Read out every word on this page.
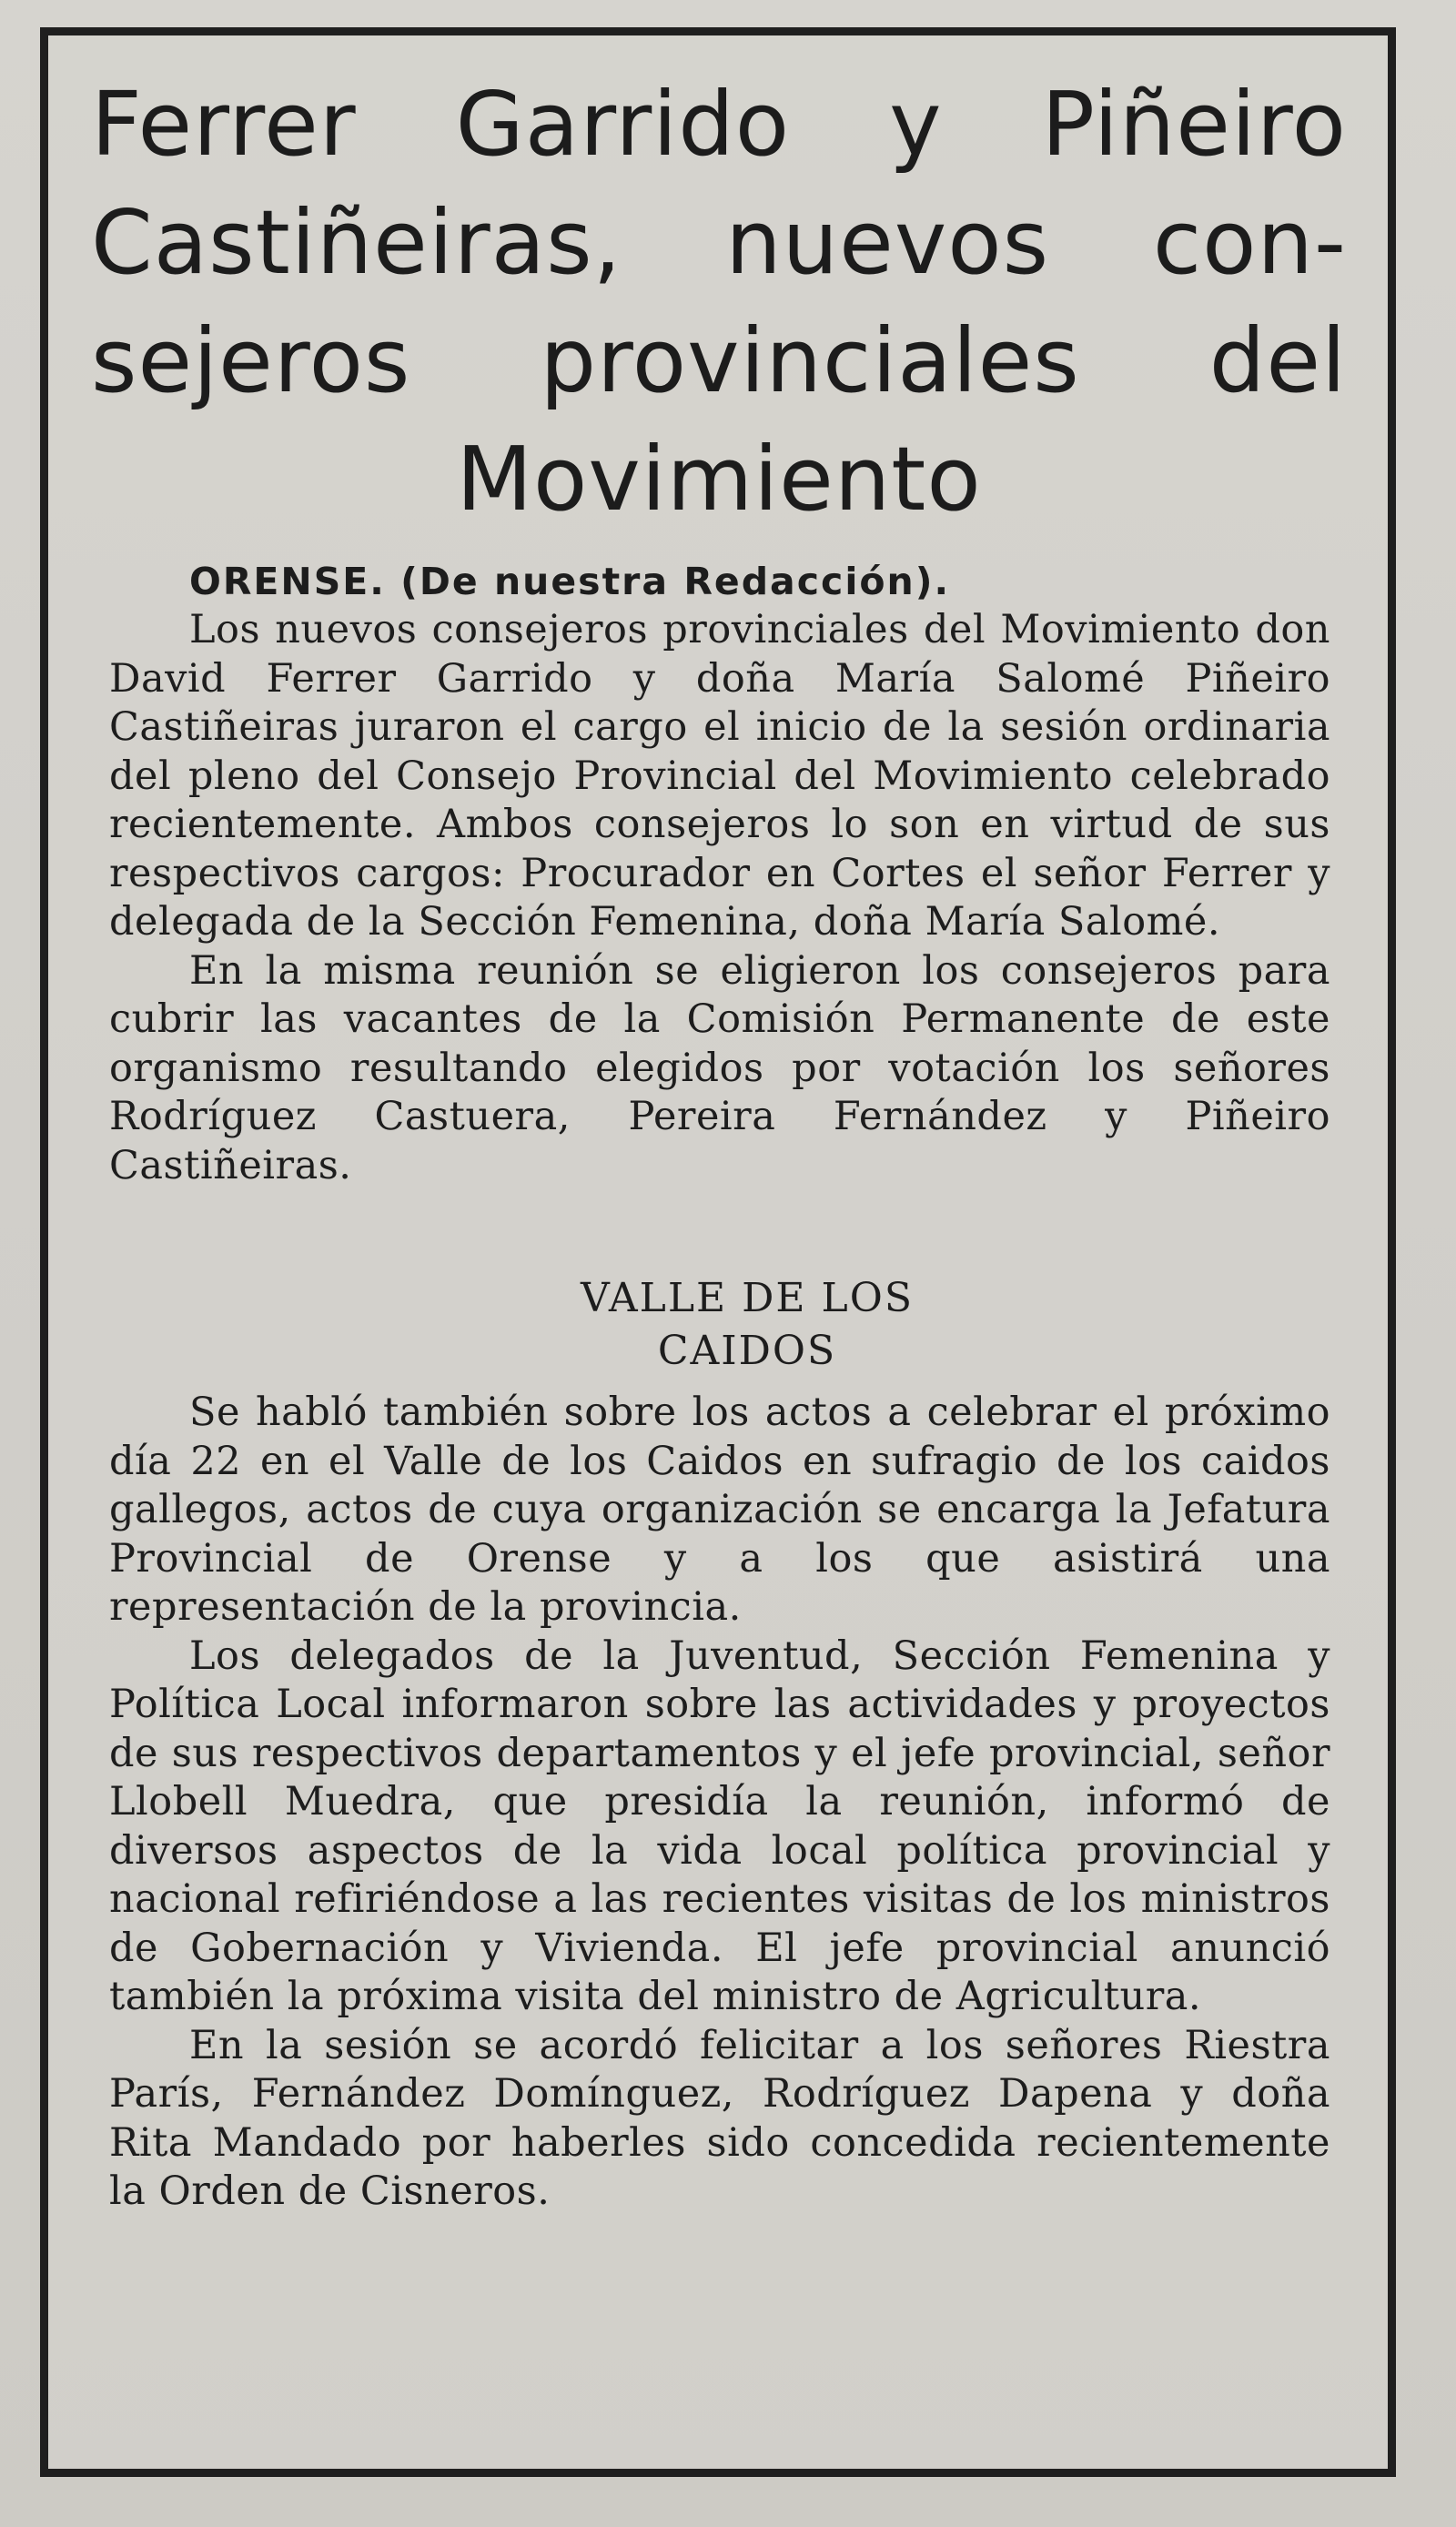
Ferrer Garrido y Piñeiro
Castiñeiras, nuevos con-
sejeros provinciales del
Movimiento

ORENSE. (De nuestra Redacción).

Los nuevos consejeros provinciales del Movimiento don David Ferrer Garrido y doña María Salomé Piñeiro Castiñeiras juraron el cargo el inicio de la sesión ordinaria del pleno del Consejo Provincial del Movimiento celebrado recientemente. Ambos consejeros lo son en virtud de sus respectivos cargos: Procurador en Cortes el señor Ferrer y delegada de la Sección Femenina, doña María Salomé.

En la misma reunión se eligieron los consejeros para cubrir las vacantes de la Comisión Permanente de este organismo resultando elegidos por votación los señores Rodríguez Castuera, Pereira Fernández y Piñeiro Castiñeiras.

VALLE DE LOS
CAIDOS

Se habló también sobre los actos a celebrar el próximo día 22 en el Valle de los Caidos en sufragio de los caidos gallegos, actos de cuya organización se encarga la Jefatura Provincial de Orense y a los que asistirá una representación de la provincia.

Los delegados de la Juventud, Sección Femenina y Política Local informaron sobre las actividades y proyectos de sus respectivos departamentos y el jefe provincial, señor Llobell Muedra, que presidía la reunión, informó de diversos aspectos de la vida local política provincial y nacional refiriéndose a las recientes visitas de los ministros de Gobernación y Vivienda. El jefe provincial anunció también la próxima visita del ministro de Agricultura.

En la sesión se acordó felicitar a los señores Riestra París, Fernández Domínguez, Rodríguez Dapena y doña Rita Mandado por haberles sido concedida recientemente la Orden de Cisneros.
